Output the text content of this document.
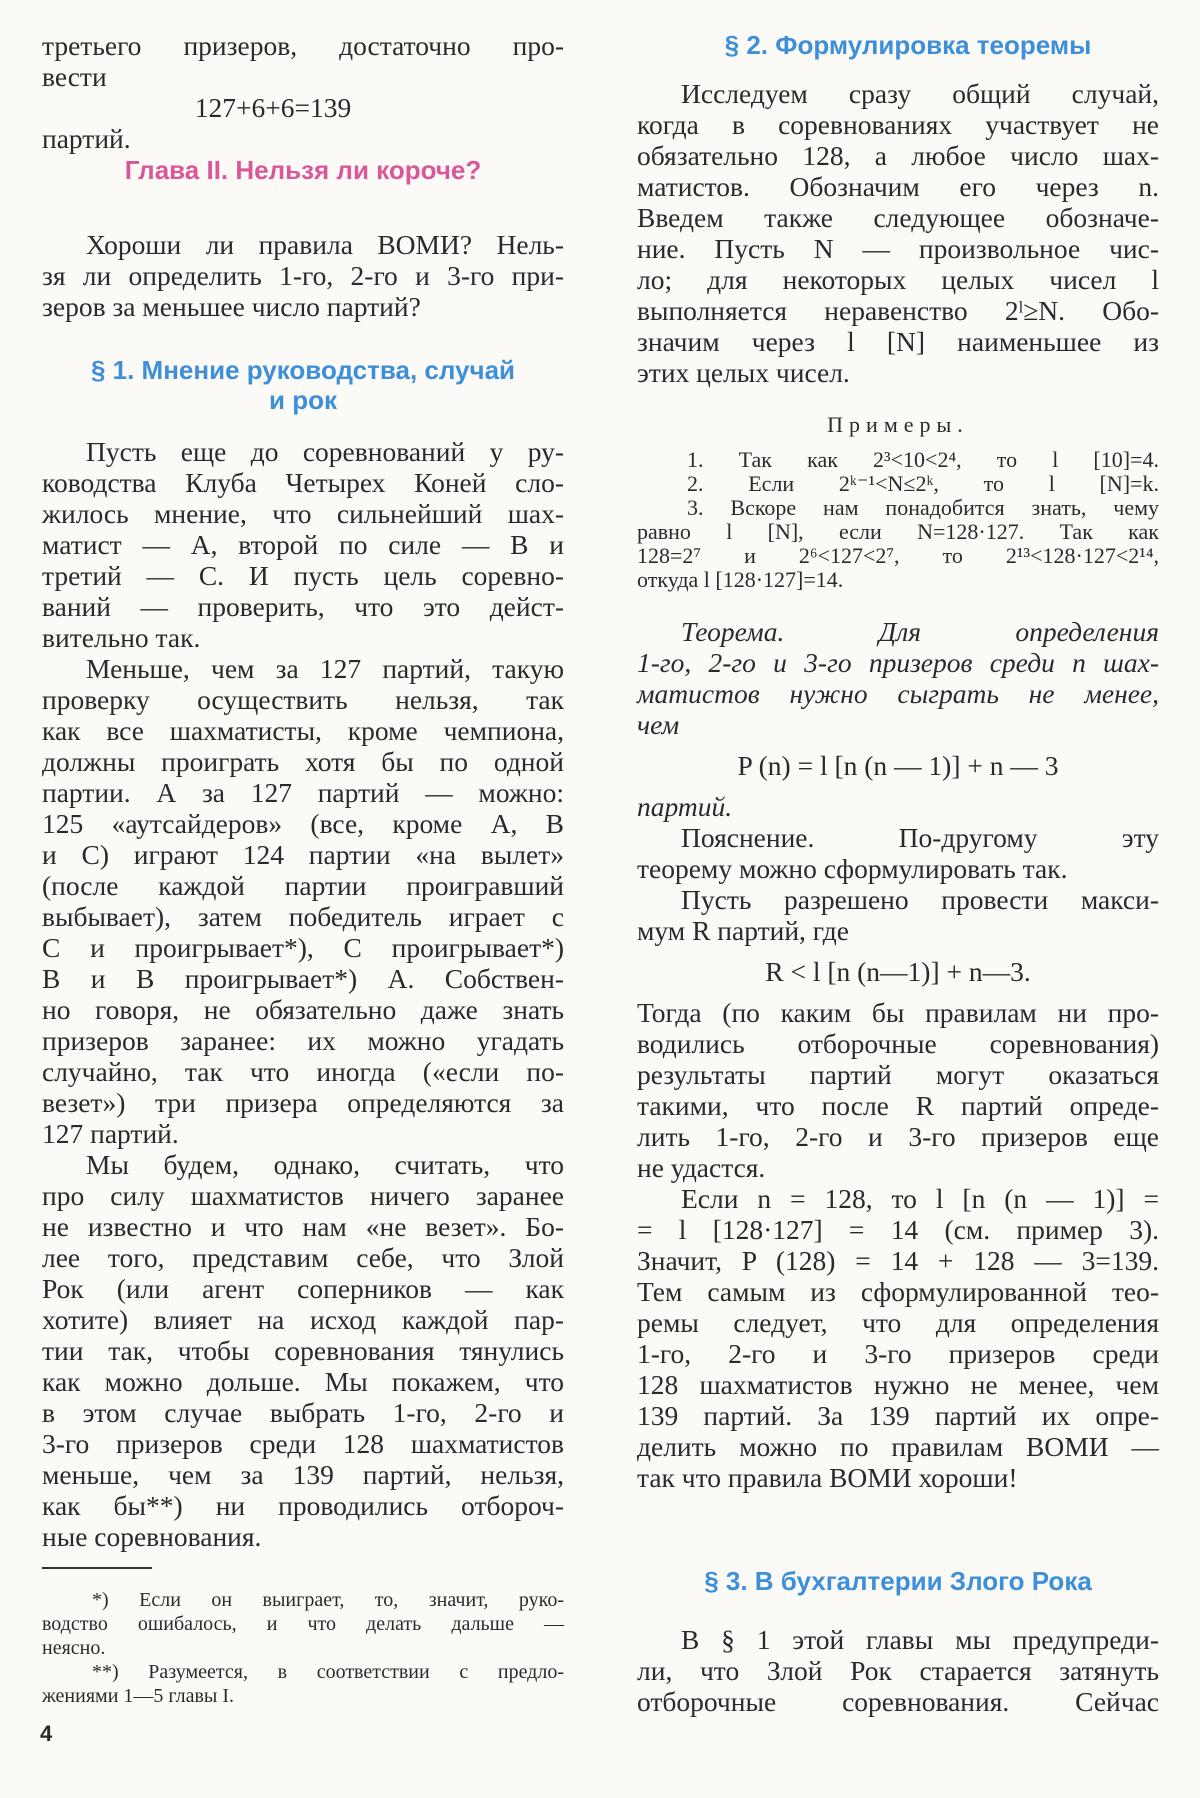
третьего призеров, достаточно про-

вести

127+6+6=139

партий.

Глава II. Нельзя ли короче?

Хороши ли правила ВОМИ? Нель-

зя ли определить 1-го, 2-го и 3-го при-

зеров за меньшее число партий?

§ 1. Мнение руководства, случай

и рок

Пусть еще до соревнований у ру-

ководства Клуба Четырех Коней сло-

жилось мнение, что сильнейший шах-

матист — A, второй по силе — B и

третий — C. И пусть цель соревно-

ваний — проверить, что это дейст-

вительно так.

Меньше, чем за 127 партий, такую

проверку осуществить нельзя, так

как все шахматисты, кроме чемпиона,

должны проиграть хотя бы по одной

партии. А за 127 партий — можно:

125 «аутсайдеров» (все, кроме A, B

и C) играют 124 партии «на вылет»

(после каждой партии проигравший

выбывает), затем победитель играет с

C и проигрывает*), C проигрывает*)

B и B проигрывает*) A. Собствен-

но говоря, не обязательно даже знать

призеров заранее: их можно угадать

случайно, так что иногда («если по-

везет») три призера определяются за

127 партий.

Мы будем, однако, считать, что

про силу шахматистов ничего заранее

не известно и что нам «не везет». Бо-

лее того, представим себе, что Злой

Рок (или агент соперников — как

хотите) влияет на исход каждой пар-

тии так, чтобы соревнования тянулись

как можно дольше. Мы покажем, что

в этом случае выбрать 1-го, 2-го и

3-го призеров среди 128 шахматистов

меньше, чем за 139 партий, нельзя,

как бы**) ни проводились отбороч-

ные соревнования.

*) Если он выиграет, то, значит, руко-

водство ошибалось, и что делать дальше —

неясно.

**) Разумеется, в соответствии с предло-

жениями 1—5 главы I.

4
§ 2. Формулировка теоремы

Исследуем сразу общий случай,

когда в соревнованиях участвует не

обязательно 128, а любое число шах-

матистов. Обозначим его через n.

Введем также следующее обозначе-

ние. Пусть N — произвольное чис-

ло; для некоторых целых чисел l

выполняется неравенство 2ˡ≥N. Обо-

значим через l [N] наименьшее из

этих целых чисел.

Примеры.

1. Так как 2³<10<2⁴, то l [10]=4.

2. Если 2ᵏ⁻¹<N≤2ᵏ, то l [N]=k.

3. Вскоре нам понадобится знать, чему

равно l [N], если N=128·127. Так как

128=2⁷ и 2⁶<127<2⁷, то 2¹³<128·127<2¹⁴,

откуда l [128·127]=14.

Теорема. Для определения

1-го, 2-го и 3-го призеров среди n шах-

матистов нужно сыграть не менее,

чем

P (n) = l [n (n — 1)] + n — 3

партий.

Пояснение. По-другому эту

теорему можно сформулировать так.

Пусть разрешено провести макси-

мум R партий, где

R < l [n (n—1)] + n—3.

Тогда (по каким бы правилам ни про-

водились отборочные соревнования)

результаты партий могут оказаться

такими, что после R партий опреде-

лить 1-го, 2-го и 3-го призеров еще

не удастся.

Если n = 128, то l [n (n — 1)] =

= l [128·127] = 14 (см. пример 3).

Значит, P (128) = 14 + 128 — 3=139.

Тем самым из сформулированной тео-

ремы следует, что для определения

1-го, 2-го и 3-го призеров среди

128 шахматистов нужно не менее, чем

139 партий. За 139 партий их опре-

делить можно по правилам ВОМИ —

так что правила ВОМИ хороши!

§ 3. В бухгалтерии Злого Рока

В § 1 этой главы мы предупреди-

ли, что Злой Рок старается затянуть

отборочные соревнования. Сейчас
